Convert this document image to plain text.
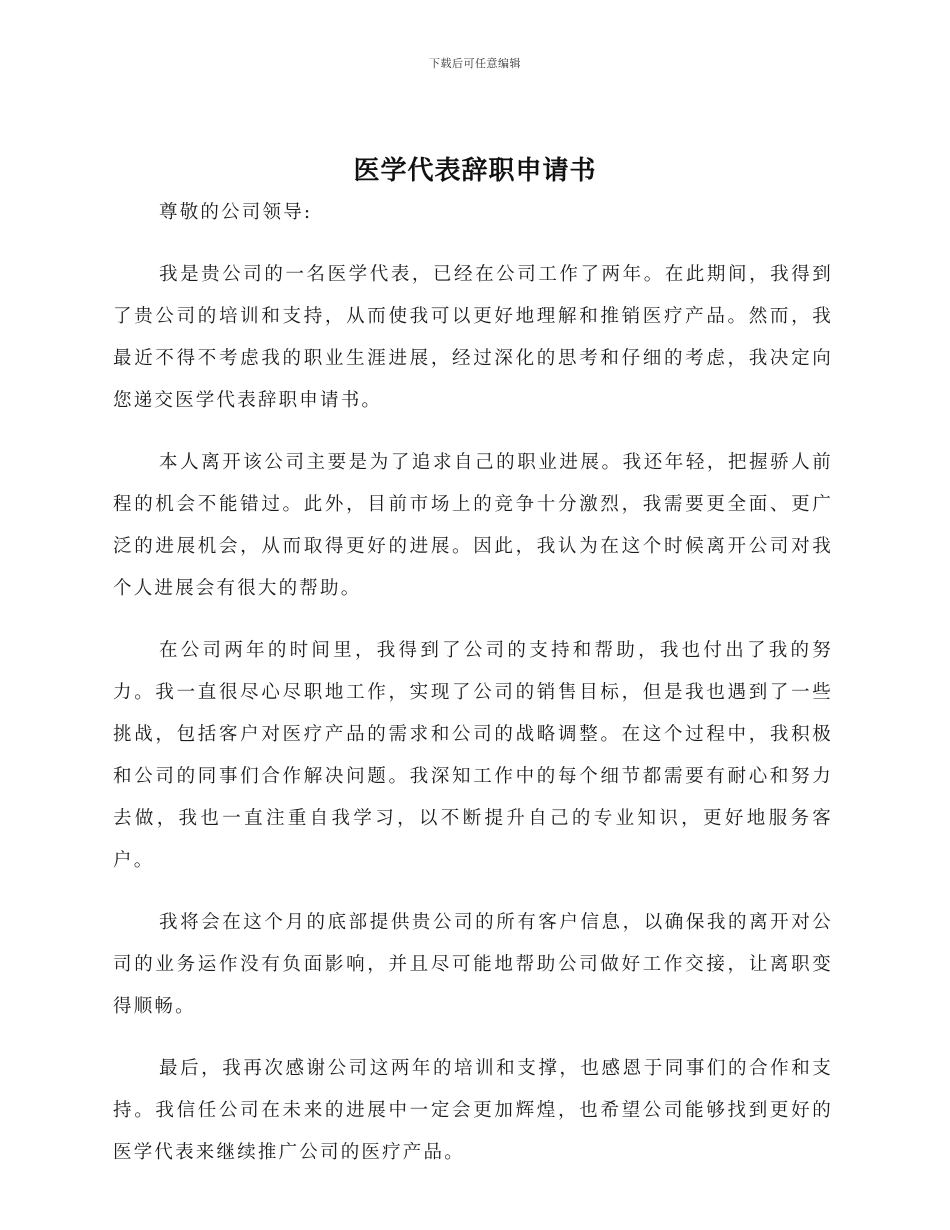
下载后可任意编辑
医学代表辞职申请书

尊敬的公司领导:

我是贵公司的一名医学代表，已经在公司工作了两年。在此期间，我得到了贵公司的培训和支持，从而使我可以更好地理解和推销医疗产品。然而，我最近不得不考虑我的职业生涯进展，经过深化的思考和仔细的考虑，我决定向您递交医学代表辞职申请书。

本人离开该公司主要是为了追求自己的职业进展。我还年轻，把握骄人前程的机会不能错过。此外，目前市场上的竞争十分激烈，我需要更全面、更广泛的进展机会，从而取得更好的进展。因此，我认为在这个时候离开公司对我个人进展会有很大的帮助。

在公司两年的时间里，我得到了公司的支持和帮助，我也付出了我的努力。我一直很尽心尽职地工作，实现了公司的销售目标，但是我也遇到了一些挑战，包括客户对医疗产品的需求和公司的战略调整。在这个过程中，我积极和公司的同事们合作解决问题。我深知工作中的每个细节都需要有耐心和努力去做，我也一直注重自我学习，以不断提升自己的专业知识，更好地服务客户。

我将会在这个月的底部提供贵公司的所有客户信息，以确保我的离开对公司的业务运作没有负面影响，并且尽可能地帮助公司做好工作交接，让离职变得顺畅。

最后，我再次感谢公司这两年的培训和支撑，也感恩于同事们的合作和支持。我信任公司在未来的进展中一定会更加辉煌，也希望公司能够找到更好的医学代表来继续推广公司的医疗产品。
